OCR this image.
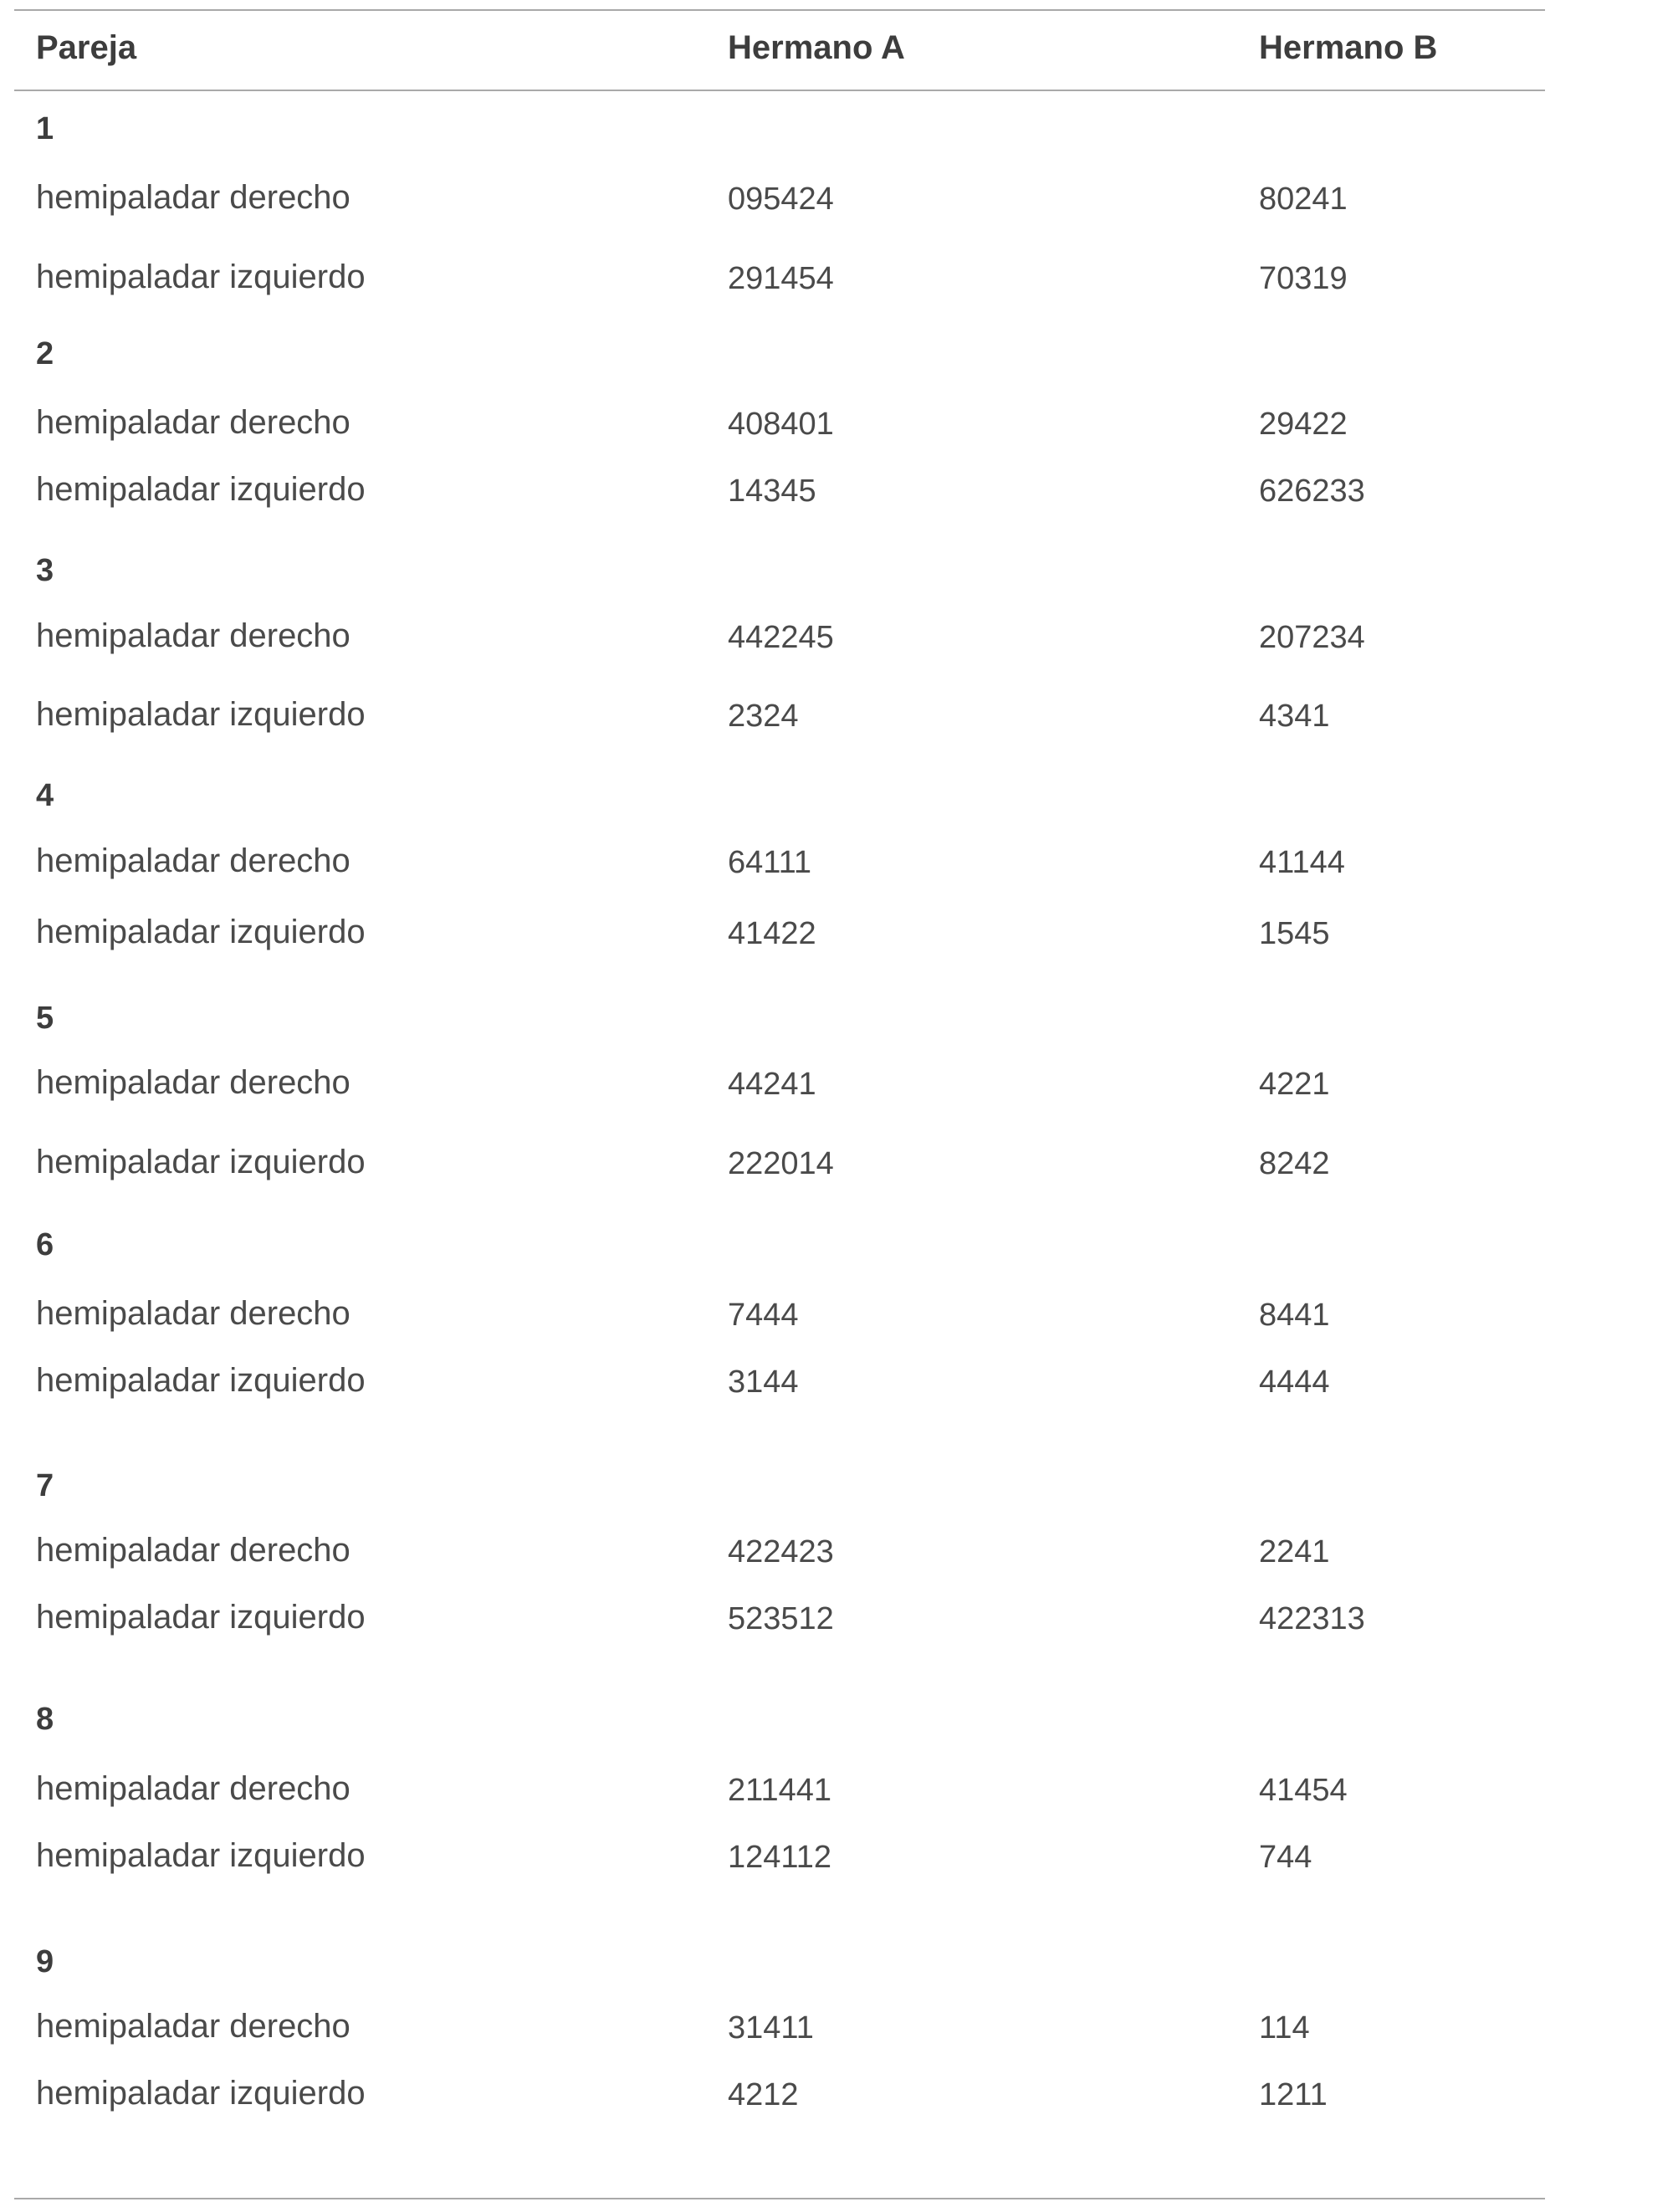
Pareja	Hermano A	Hermano B
1
hemipaladar derecho	095424	80241
hemipaladar izquierdo	291454	70319
2
hemipaladar derecho	408401	29422
hemipaladar izquierdo	14345	626233
3
hemipaladar derecho	442245	207234
hemipaladar izquierdo	2324	4341
4
hemipaladar derecho	64111	41144
hemipaladar izquierdo	41422	1545
5
hemipaladar derecho	44241	4221
hemipaladar izquierdo	222014	8242
6
hemipaladar derecho	7444	8441
hemipaladar izquierdo	3144	4444
7
hemipaladar derecho	422423	2241
hemipaladar izquierdo	523512	422313
8
hemipaladar derecho	211441	41454
hemipaladar izquierdo	124112	744
9
hemipaladar derecho	31411	114
hemipaladar izquierdo	4212	1211
